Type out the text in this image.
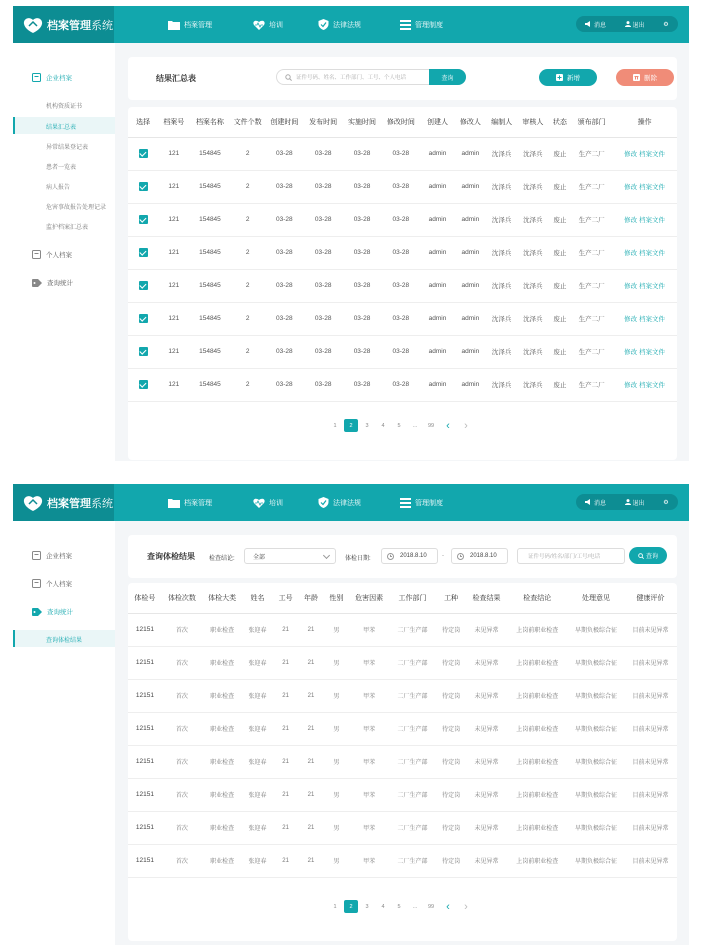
档案管理系统	档案管理	培训	法律法规	管理制度
	消息
	退出	⚙
企业档案
机构资质证书
结果汇总表
异常结果登记表
患者一览表
病人报告
危害事故报告处理记录
监护档案汇总表
个人档案
查询统计
结果汇总表	证件号码、姓名、工作部门、工号、个人电话	查询	新增	删除
选择	档案号	档案名称	文件个数	创建时间	发布时间	实施时间	修改时间	创建人	修改人	编制人	审核人	状态	颁布部门	操作
	121	154845	2	03-28	03-28	03-28	03-28	admin	admin	沈泽兵	沈泽兵	废止	生产二厂	修改 档案文件
	121	154845	2	03-28	03-28	03-28	03-28	admin	admin	沈泽兵	沈泽兵	废止	生产二厂	修改 档案文件
	121	154845	2	03-28	03-28	03-28	03-28	admin	admin	沈泽兵	沈泽兵	废止	生产二厂	修改 档案文件
	121	154845	2	03-28	03-28	03-28	03-28	admin	admin	沈泽兵	沈泽兵	废止	生产二厂	修改 档案文件
	121	154845	2	03-28	03-28	03-28	03-28	admin	admin	沈泽兵	沈泽兵	废止	生产二厂	修改 档案文件
	121	154845	2	03-28	03-28	03-28	03-28	admin	admin	沈泽兵	沈泽兵	废止	生产二厂	修改 档案文件
	121	154845	2	03-28	03-28	03-28	03-28	admin	admin	沈泽兵	沈泽兵	废止	生产二厂	修改 档案文件
	121	154845	2	03-28	03-28	03-28	03-28	admin	admin	沈泽兵	沈泽兵	废止	生产二厂	修改 档案文件
1	2	3	4	5	...	99	‹	›
档案管理系统	档案管理	培训	法律法规	管理制度
	消息
	退出	⚙
企业档案
个人档案
查询统计
查询体检结果
查询体检结果 检查结论:	全部	体检日期:	2018.8.10	-	2018.8.10	证件号码/姓名/部门/工号/电话	查询
体检号	体检次数	体检大类	姓名	工号	年龄	性别	危害因素	工作部门	工种	检查结果	检查结论	处理意见	健康评价
12151	首次	职业检查	张迎春	21	21	男	甲苯	二厂生产部	待定岗	未见异常	上岗前职业检查	早期负极综合征	目前未见异常
12151	首次	职业检查	张迎春	21	21	男	甲苯	二厂生产部	待定岗	未见异常	上岗前职业检查	早期负极综合征	目前未见异常
12151	首次	职业检查	张迎春	21	21	男	甲苯	二厂生产部	待定岗	未见异常	上岗前职业检查	早期负极综合征	目前未见异常
12151	首次	职业检查	张迎春	21	21	男	甲苯	二厂生产部	待定岗	未见异常	上岗前职业检查	早期负极综合征	目前未见异常
12151	首次	职业检查	张迎春	21	21	男	甲苯	二厂生产部	待定岗	未见异常	上岗前职业检查	早期负极综合征	目前未见异常
12151	首次	职业检查	张迎春	21	21	男	甲苯	二厂生产部	待定岗	未见异常	上岗前职业检查	早期负极综合征	目前未见异常
12151	首次	职业检查	张迎春	21	21	男	甲苯	二厂生产部	待定岗	未见异常	上岗前职业检查	早期负极综合征	目前未见异常
12151	首次	职业检查	张迎春	21	21	男	甲苯	二厂生产部	待定岗	未见异常	上岗前职业检查	早期负极综合征	目前未见异常
1	2	3	4	5	...	99	‹	›
